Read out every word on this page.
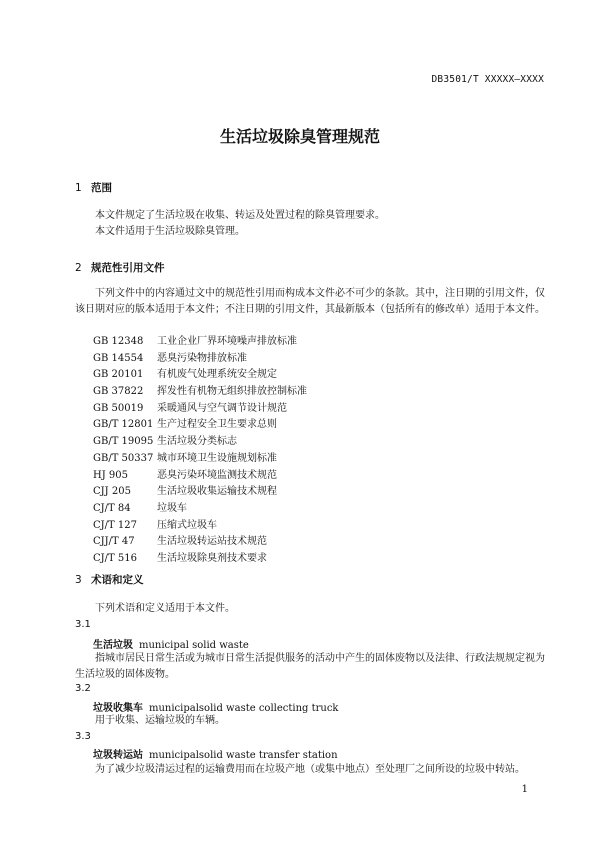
DB3501/T XXXXX—XXXX
生活垃圾除臭管理规范
1 范围
本文件规定了生活垃圾在收集、转运及处置过程的除臭管理要求。
本文件适用于生活垃圾除臭管理。
2 规范性引用文件
下列文件中的内容通过文中的规范性引用而构成本文件必不可少的条款。其中，注日期的引用文件，仅该日期对应的版本适用于本文件；不注日期的引用文件，其最新版本（包括所有的修改单）适用于本文件。
GB 12348 工业企业厂界环境噪声排放标准
GB 14554 恶臭污染物排放标准
GB 20101 有机废气处理系统安全规定
GB 37822 挥发性有机物无组织排放控制标准
GB 50019 采暖通风与空气调节设计规范
GB/T 12801 生产过程安全卫生要求总则
GB/T 19095 生活垃圾分类标志
GB/T 50337 城市环境卫生设施规划标准
HJ 905	恶臭污染环境监测技术规范
CJJ 205	生活垃圾收集运输技术规程
CJ/T 84	垃圾车
CJ/T 127 压缩式垃圾车
CJJ/T 47 生活垃圾转运站技术规范
CJ/T 516 生活垃圾除臭剂技术要求
3 术语和定义
下列术语和定义适用于本文件。
3.1
生活垃圾 municipal solid waste
指城市居民日常生活或为城市日常生活提供服务的活动中产生的固体废物以及法律、行政法规规定视为生活垃圾的固体废物。
3.2
垃圾收集车 municipalsolid waste collecting truck
用于收集、运输垃圾的车辆。
3.3
垃圾转运站 municipalsolid waste transfer station
为了减少垃圾清运过程的运输费用而在垃圾产地（或集中地点）至处理厂之间所设的垃圾中转站。
1
